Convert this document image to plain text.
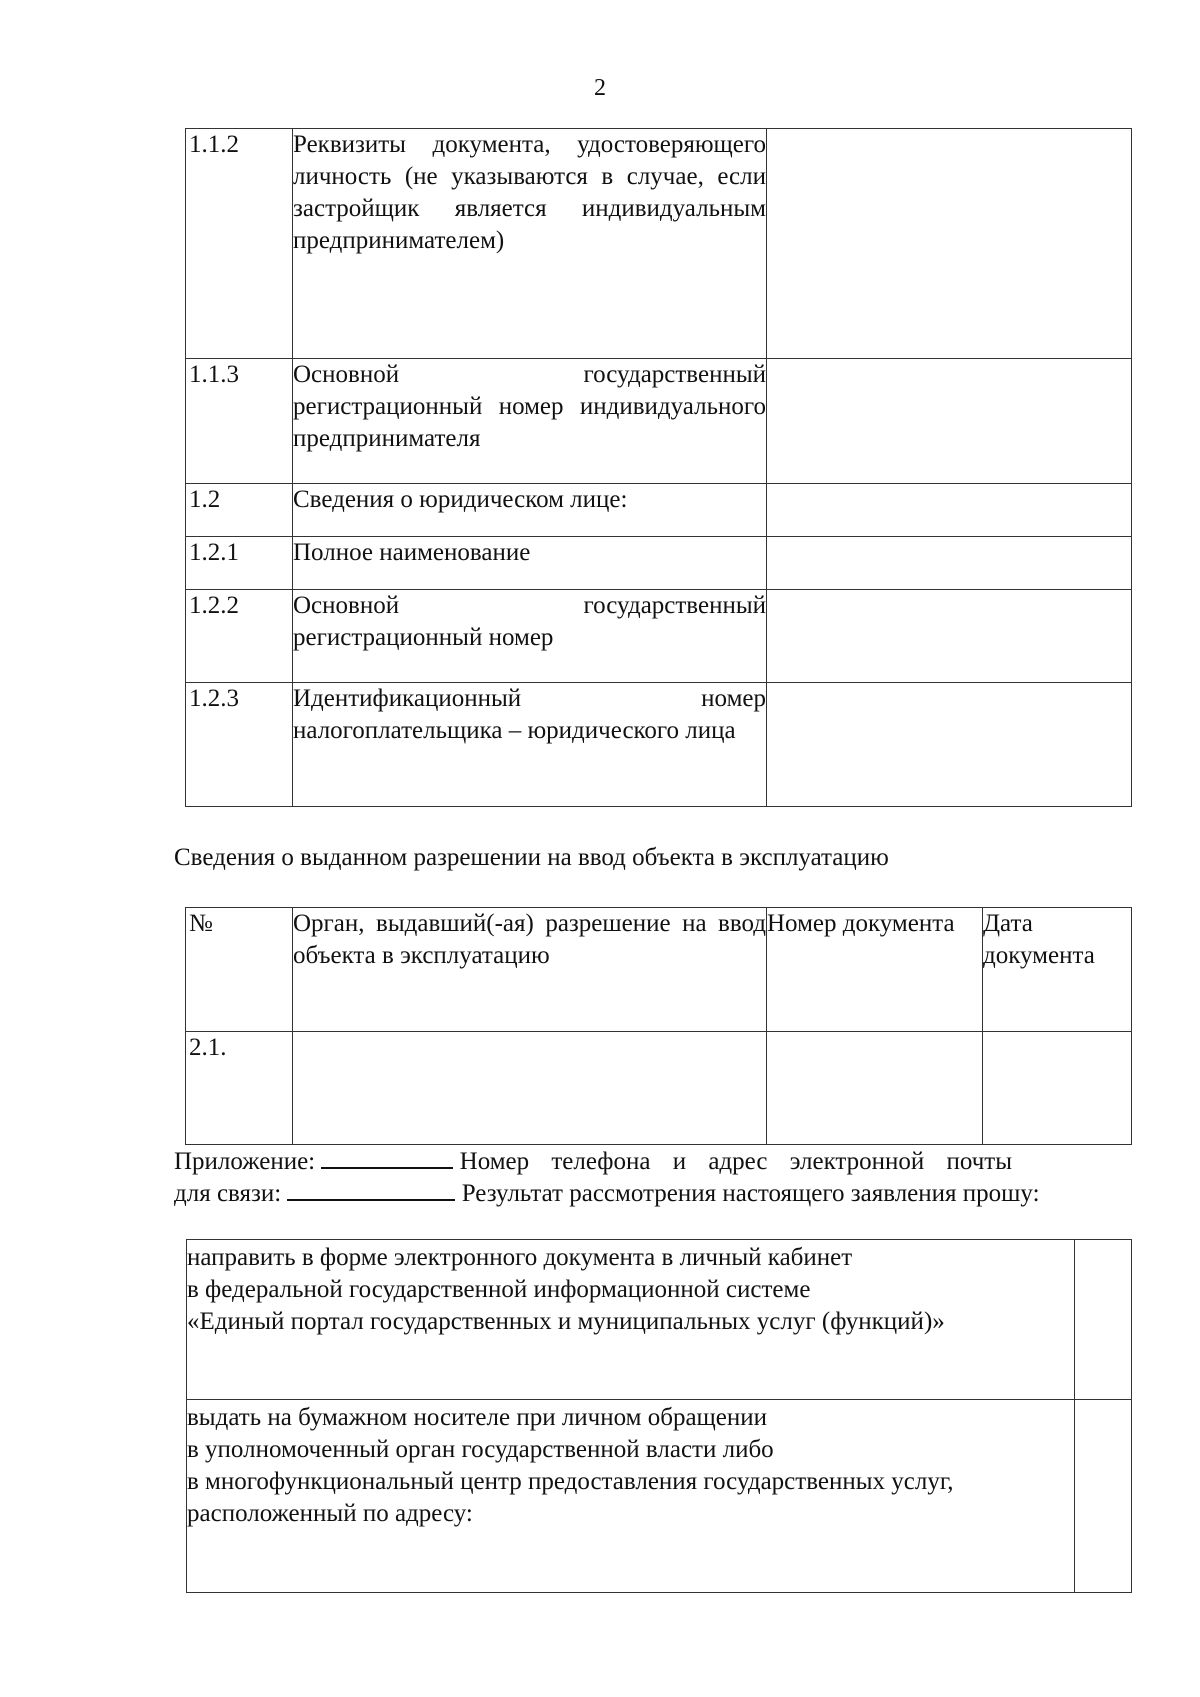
2
1.1.2	Реквизиты документа, удостоверяющего личность (не указываются в случае, если застройщик является индивидуальным предпринимателем)	
1.1.3	Основной государственный регистрационный номер индивидуального предпринимателя	
1.2	Сведения о юридическом лице:	
1.2.1	Полное наименование	
1.2.2	Основной государственный регистрационный номер	
1.2.3	Идентификационный номер налогоплательщика – юридического лица	
Сведения о выданном разрешении на ввод объекта в эксплуатацию
№	Орган, выдавший(-ая) разрешение на ввод объекта в эксплуатацию	Номер документа	Дата документа
2.1.			
Приложение:	Номер телефона и адрес электронной почты
для связи:	Результат рассмотрения настоящего заявления прошу:
направить в форме электронного документа в личный кабинет
в федеральной государственной информационной системе
«Единый портал государственных и муниципальных услуг (функций)»	

выдать на бумажном носителе при личном обращении
в уполномоченный орган государственной власти либо
в многофункциональный центр предоставления государственных услуг,
расположенный по адресу:	
